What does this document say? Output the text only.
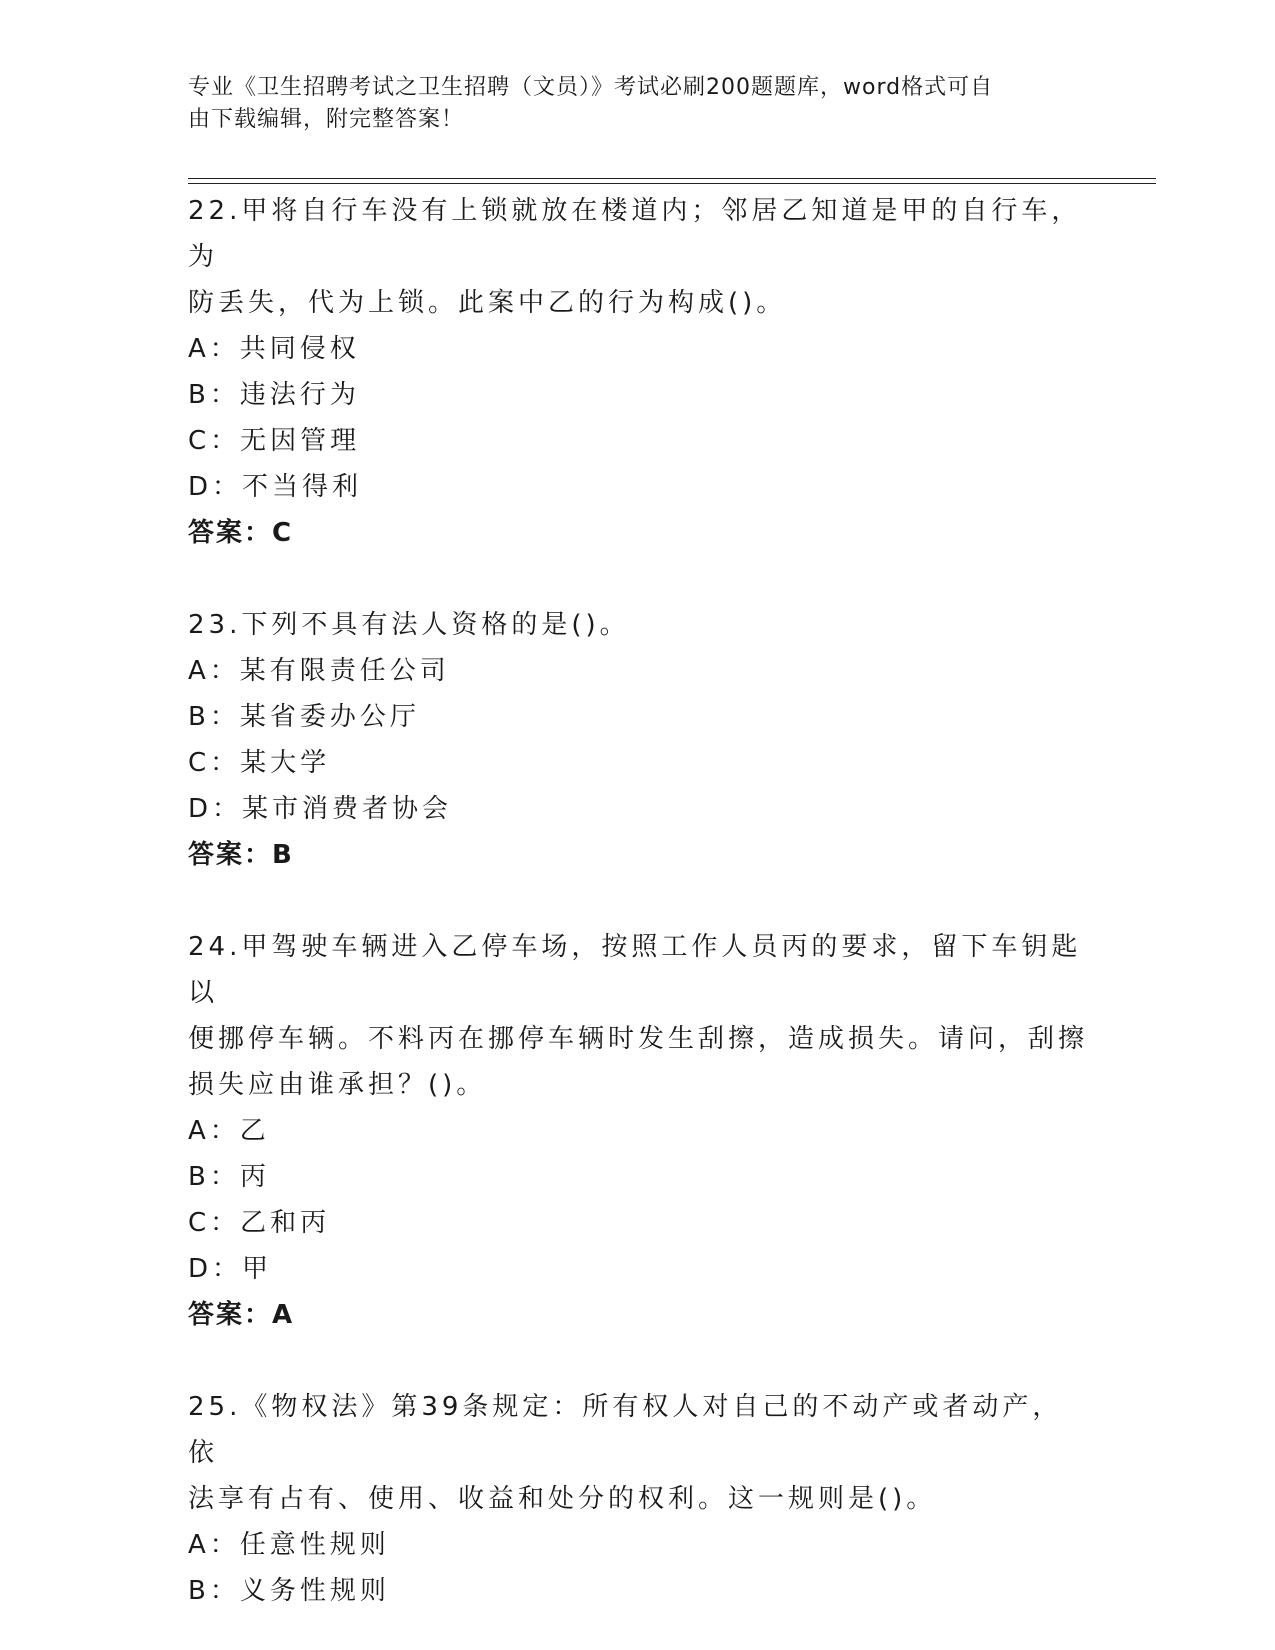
专业《卫生招聘考试之卫生招聘（文员）》考试必刷200题题库，word格式可自
由下载编辑，附完整答案！
22.甲将自行车没有上锁就放在楼道内；邻居乙知道是甲的自行车，为
防丢失，代为上锁。此案中乙的行为构成()。
A：共同侵权
B：违法行为
C：无因管理
D：不当得利
答案：C
23.下列不具有法人资格的是()。
A：某有限责任公司
B：某省委办公厅
C：某大学
D：某市消费者协会
答案：B
24.甲驾驶车辆进入乙停车场，按照工作人员丙的要求，留下车钥匙以
便挪停车辆。不料丙在挪停车辆时发生刮擦，造成损失。请问，刮擦
损失应由谁承担？()。
A：乙
B：丙
C：乙和丙
D：甲
答案：A
25.《物权法》第39条规定：所有权人对自己的不动产或者动产，依
法享有占有、使用、收益和处分的权利。这一规则是()。
A：任意性规则
B：义务性规则
